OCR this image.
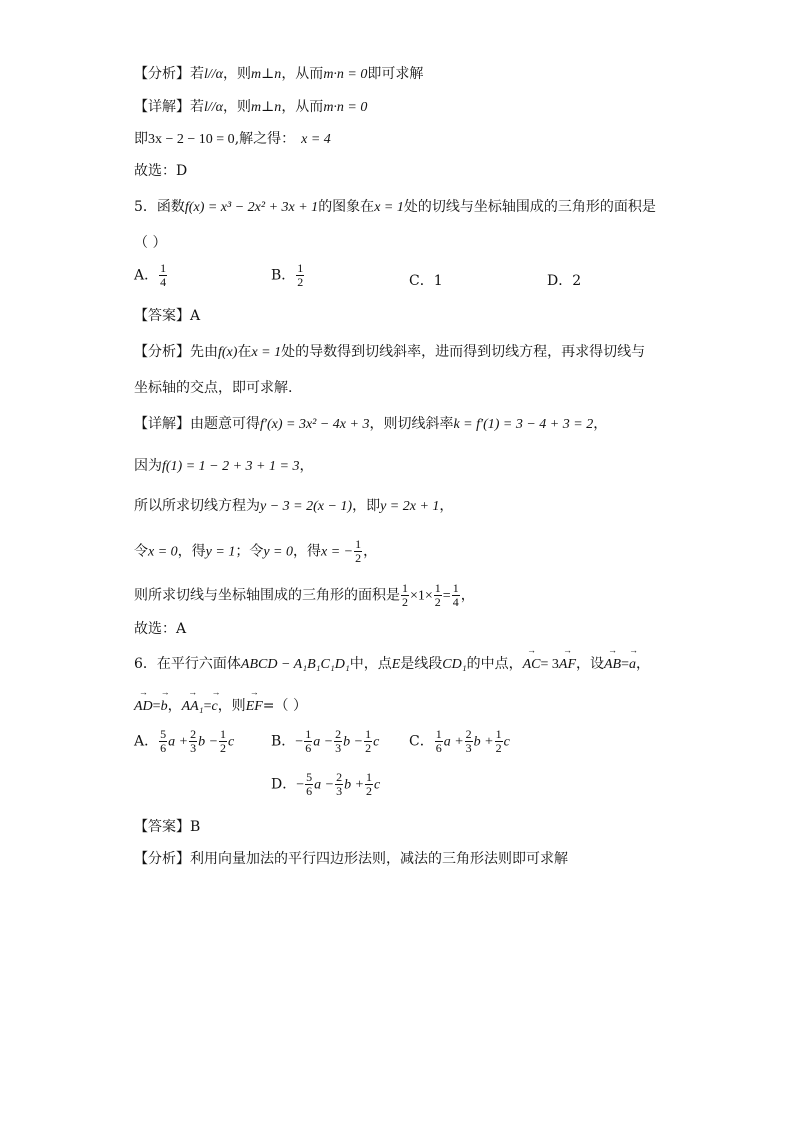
【分析】若l//α，则m⊥n，从而m·n = 0即可求解
【详解】若l//α，则m⊥n，从而m·n = 0
即3x − 2 − 10 = 0,解之得： x = 4
故选：D
5．函数f(x) = x³ − 2x² + 3x + 1的图象在x = 1处的切线与坐标轴围成的三角形的面积是
（ ）
A． $\frac{1}{4}$	B． $\frac{1}{2}$	C．1	D．2
【答案】A
【分析】先由f(x)在x = 1处的导数得到切线斜率，进而得到切线方程，再求得切线与
坐标轴的交点，即可求解.
【详解】由题意可得f′(x) = 3x² − 4x + 3，则切线斜率k = f′(1) = 3 − 4 + 3 = 2，
因为f(1) = 1 − 2 + 3 + 1 = 3，
所以所求切线方程为y − 3 = 2(x − 1)，即y = 2x + 1，
令x = 0，得y = 1；令y = 0，得x = − $\frac{1}{2}$ ，
则所求切线与坐标轴围成的三角形的面积是 $\frac{1}{2} \times 1\times \frac{1}{2} = \frac{1}{4}$ ，
故选：A
6．在平行六面体ABCD − A₁B₁C₁D₁中，点E是线段CD₁的中点，
→
AC= 3
→
AF，设
→
AB=
→
a，
→
AD=
→
b，
→
AA₁=
→
c，则
→
EF=（ ）
A． $\frac{5}{6}$ $a + \frac{2}{3}$ $b - \frac{1}{2}$ c	B．− $\frac{1}{6}$ $a - \frac{2}{3}$ $b - \frac{1}{2}$ c C． $\frac{1}{6}$ $a + \frac{2}{3}$ $b + \frac{1}{2}$ c
D．− $\frac{5}{6}$ $a - \frac{2}{3}$ $b + \frac{1}{2}$ c
【答案】B
【分析】利用向量加法的平行四边形法则，减法的三角形法则即可求解
